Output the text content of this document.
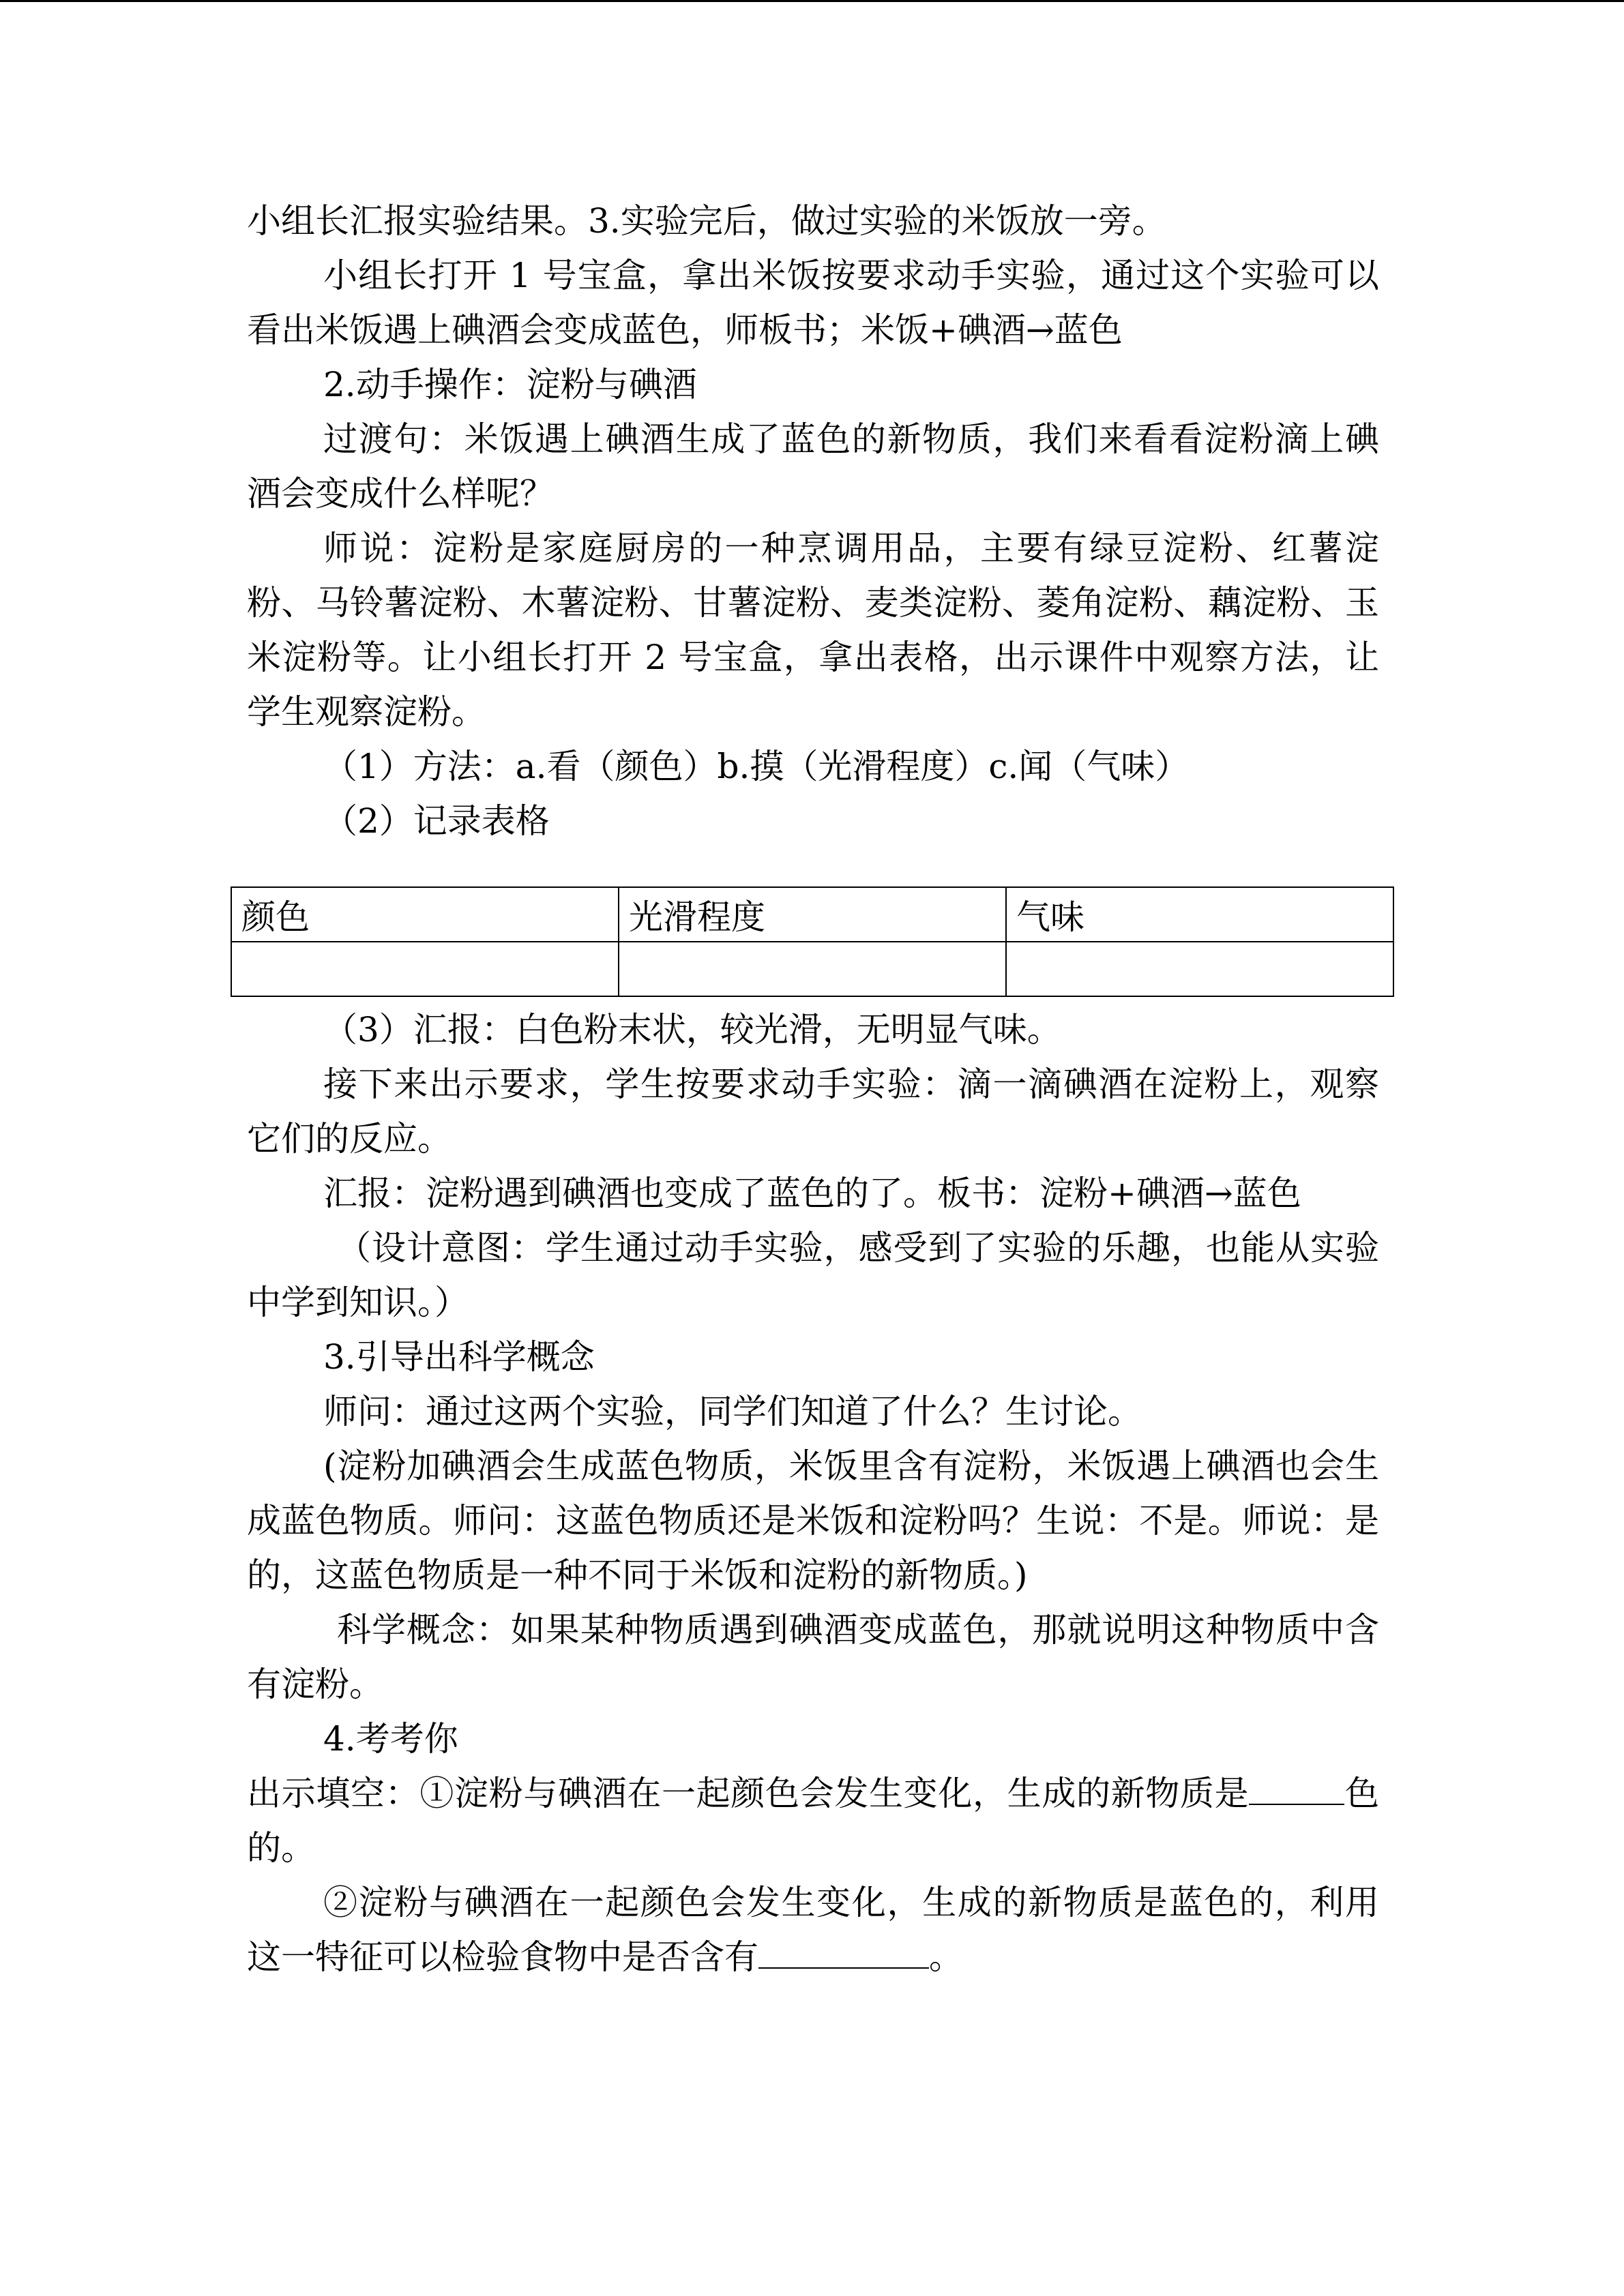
小组长汇报实验结果。3.实验完后，做过实验的米饭放一旁。

小组长打开 1 号宝盒，拿出米饭按要求动手实验，通过这个实验可以看出米饭遇上碘酒会变成蓝色，师板书；米饭+碘酒→蓝色

2.动手操作：淀粉与碘酒

过渡句：米饭遇上碘酒生成了蓝色的新物质，我们来看看淀粉滴上碘酒会变成什么样呢？

师说：淀粉是家庭厨房的一种烹调用品，主要有绿豆淀粉、红薯淀粉、马铃薯淀粉、木薯淀粉、甘薯淀粉、麦类淀粉、菱角淀粉、藕淀粉、玉米淀粉等。让小组长打开 2 号宝盒，拿出表格，出示课件中观察方法，让学生观察淀粉。

（1）方法：a.看（颜色）b.摸（光滑程度）c.闻（气味）

（2）记录表格

颜色	光滑程度	气味

（3）汇报：白色粉末状，较光滑，无明显气味。

接下来出示要求，学生按要求动手实验：滴一滴碘酒在淀粉上，观察它们的反应。

汇报：淀粉遇到碘酒也变成了蓝色的了。板书：淀粉+碘酒→蓝色

（设计意图：学生通过动手实验，感受到了实验的乐趣，也能从实验中学到知识。）

3.引导出科学概念

师问：通过这两个实验，同学们知道了什么？生讨论。

(淀粉加碘酒会生成蓝色物质，米饭里含有淀粉，米饭遇上碘酒也会生成蓝色物质。师问：这蓝色物质还是米饭和淀粉吗？生说：不是。师说：是的，这蓝色物质是一种不同于米饭和淀粉的新物质。)

科学概念：如果某种物质遇到碘酒变成蓝色，那就说明这种物质中含有淀粉。

4.考考你

出示填空：①淀粉与碘酒在一起颜色会发生变化，生成的新物质是	色的。

②淀粉与碘酒在一起颜色会发生变化，生成的新物质是蓝色的，利用这一特征可以检验食物中是否含有	。
